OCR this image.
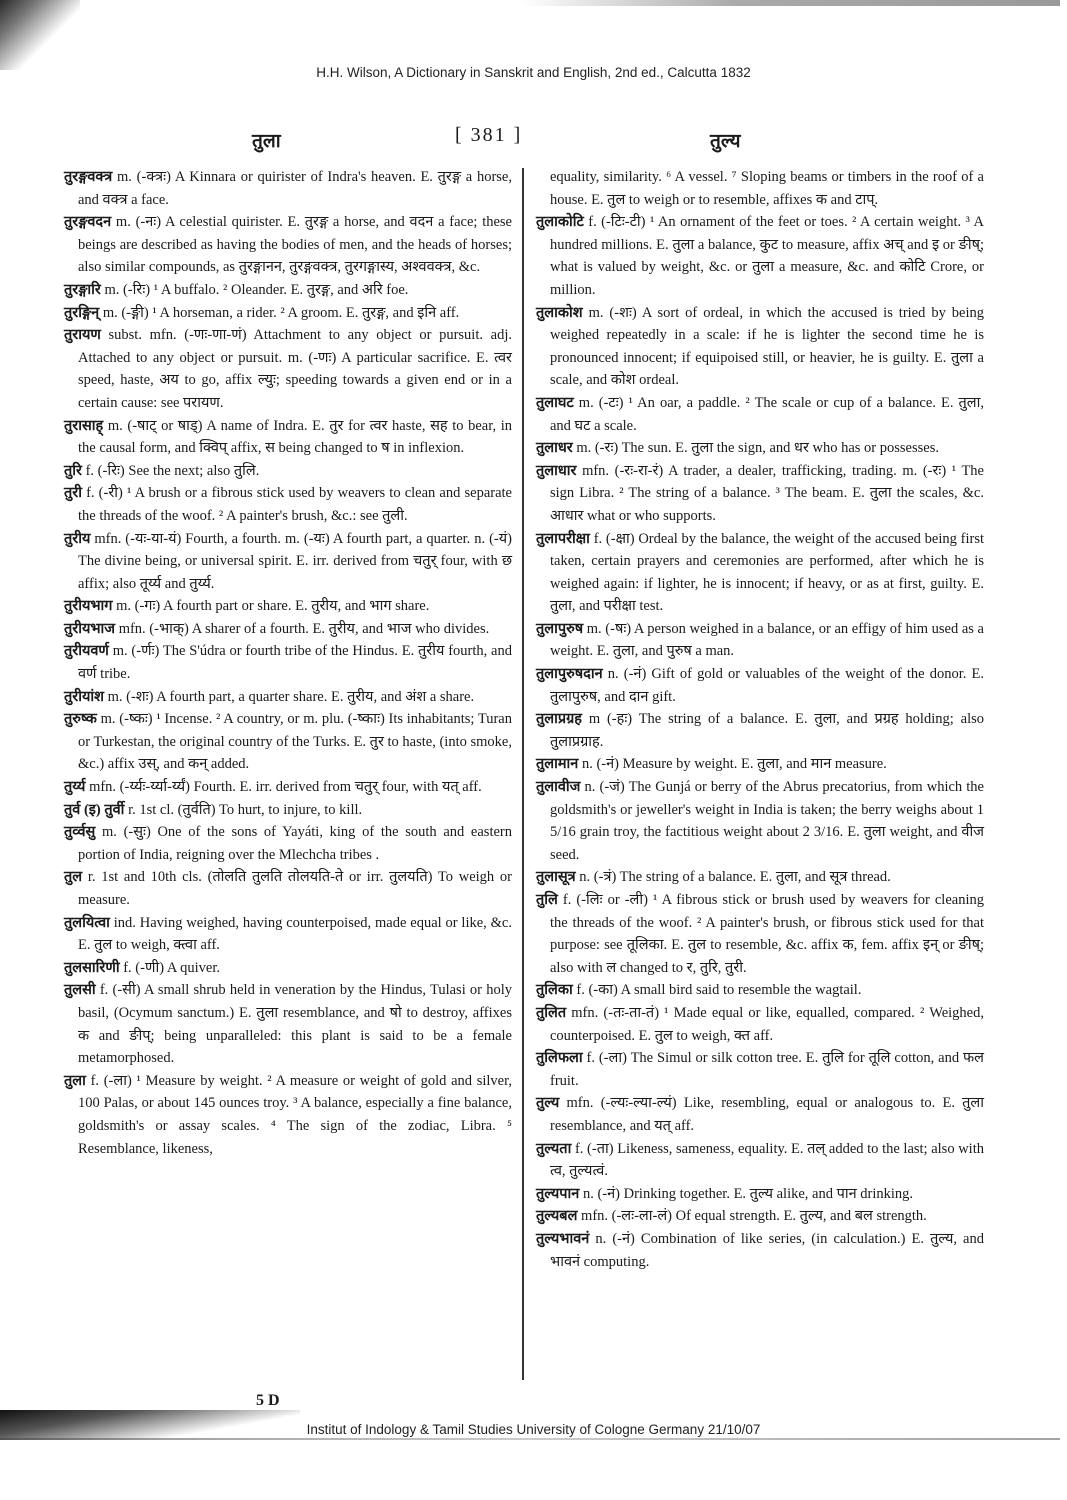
H.H. Wilson, A Dictionary in Sanskrit and English, 2nd ed., Calcutta 1832
तुला	[ 381 ]	तुल्य

तुरङ्गवक्त्र m. (-क्त्रः) A Kinnara or quirister of Indra's heaven. E. तुरङ्ग a horse, and वक्त्र a face.

तुरङ्गवदन m. (-नः) A celestial quirister. E. तुरङ्ग a horse, and वदन a face; these beings are described as having the bodies of men, and the heads of horses; also similar compounds, as तुरङ्गानन, तुरङ्गवक्त्र, तुरगङ्गास्य, अश्ववक्त्र, &c.

तुरङ्गारि m. (-रिः) ¹ A buffalo. ² Oleander. E. तुरङ्ग, and अरि foe.

तुरङ्गिन् m. (-ङ्गी) ¹ A horseman, a rider. ² A groom. E. तुरङ्ग, and इनि aff.

तुरायण subst. mfn. (-णः-णा-णं) Attachment to any object or pursuit. adj. Attached to any object or pursuit. m. (-णः) A particular sacrifice. E. त्वर speed, haste, अय to go, affix ल्युः; speeding towards a given end or in a certain cause: see परायण.

तुरासाह् m. (-षाट् or षाड्) A name of Indra. E. तुर for त्वर haste, सह to bear, in the causal form, and क्विप् affix, स being changed to ष in inflexion.

तुरि f. (-रिः) See the next; also तुलि.

तुरी f. (-री) ¹ A brush or a fibrous stick used by weavers to clean and separate the threads of the woof. ² A painter's brush, &c.: see तुली.

तुरीय mfn. (-यः-या-यं) Fourth, a fourth. m. (-यः) A fourth part, a quarter. n. (-यं) The divine being, or universal spirit. E. irr. derived from चतुर् four, with छ affix; also तूर्य्य and तुर्य्य.

तुरीयभाग m. (-गः) A fourth part or share. E. तुरीय, and भाग share.

तुरीयभाज mfn. (-भाक्) A sharer of a fourth. E. तुरीय, and भाज who divides.

तुरीयवर्ण m. (-र्णः) The S'údra or fourth tribe of the Hindus. E. तुरीय fourth, and वर्ण tribe.

तुरीयांश m. (-शः) A fourth part, a quarter share. E. तुरीय, and अंश a share.

तुरुष्क m. (-ष्कः) ¹ Incense. ² A country, or m. plu. (-ष्काः) Its inhabitants; Turan or Turkestan, the original country of the Turks. E. तुर to haste, (into smoke, &c.) affix उस्, and कन् added.

तुर्य्य mfn. (-र्य्यः-र्य्या-र्य्यं) Fourth. E. irr. derived from चतुर् four, with यत् aff.

तुर्व (इ) तुर्वी r. 1st cl. (तुर्वति) To hurt, to injure, to kill.

तुर्व्वसु m. (-सुः) One of the sons of Yayáti, king of the south and eastern portion of India, reigning over the Mlechcha tribes .

तुल r. 1st and 10th cls. (तोलति तुलति तोलयति-ते or irr. तुलयति) To weigh or measure.

तुलयित्वा ind. Having weighed, having counterpoised, made equal or like, &c. E. तुल to weigh, क्त्वा aff.

तुलसारिणी f. (-णी) A quiver.

तुलसी f. (-सी) A small shrub held in veneration by the Hindus, Tulasi or holy basil, (Ocymum sanctum.) E. तुला resemblance, and षो to destroy, affixes क and ङीप्; being unparalleled: this plant is said to be a female metamorphosed.

तुला f. (-ला) ¹ Measure by weight. ² A measure or weight of gold and silver, 100 Palas, or about 145 ounces troy. ³ A balance, especially a fine balance, goldsmith's or assay scales. ⁴ The sign of the zodiac, Libra. ⁵ Resemblance, likeness,

equality, similarity. ⁶ A vessel. ⁷ Sloping beams or timbers in the roof of a house. E. तुल to weigh or to resemble, affixes क and टाप्.

तुलाकोटि f. (-टिः-टी) ¹ An ornament of the feet or toes. ² A certain weight. ³ A hundred millions. E. तुला a balance, कुट to measure, affix अच् and इ or ङीष्; what is valued by weight, &c. or तुला a measure, &c. and कोटि Crore, or million.

तुलाकोश m. (-शः) A sort of ordeal, in which the accused is tried by being weighed repeatedly in a scale: if he is lighter the second time he is pronounced innocent; if equipoised still, or heavier, he is guilty. E. तुला a scale, and कोश ordeal.

तुलाघट m. (-टः) ¹ An oar, a paddle. ² The scale or cup of a balance. E. तुला, and घट a scale.

तुलाधर m. (-रः) The sun. E. तुला the sign, and धर who has or possesses.

तुलाधार mfn. (-रः-रा-रं) A trader, a dealer, trafficking, trading. m. (-रः) ¹ The sign Libra. ² The string of a balance. ³ The beam. E. तुला the scales, &c. आधार what or who supports.

तुलापरीक्षा f. (-क्षा) Ordeal by the balance, the weight of the accused being first taken, certain prayers and ceremonies are performed, after which he is weighed again: if lighter, he is innocent; if heavy, or as at first, guilty. E. तुला, and परीक्षा test.

तुलापुरुष m. (-षः) A person weighed in a balance, or an effigy of him used as a weight. E. तुला, and पुरुष a man.

तुलापुरुषदान n. (-नं) Gift of gold or valuables of the weight of the donor. E. तुलापुरुष, and दान gift.

तुलाप्रग्रह m (-हः) The string of a balance. E. तुला, and प्रग्रह holding; also तुलाप्रग्राह.

तुलामान n. (-नं) Measure by weight. E. तुला, and मान measure.

तुलावीज n. (-जं) The Gunjá or berry of the Abrus precatorius, from which the goldsmith's or jeweller's weight in India is taken; the berry weighs about 1 5/16 grain troy, the factitious weight about 2 3/16. E. तुला weight, and वीज seed.

तुलासूत्र n. (-त्रं) The string of a balance. E. तुला, and सूत्र thread.

तुलि f. (-लिः or -ली) ¹ A fibrous stick or brush used by weavers for cleaning the threads of the woof. ² A painter's brush, or fibrous stick used for that purpose: see तूलिका. E. तुल to resemble, &c. affix क, fem. affix इन् or ङीष्; also with ल changed to र, तुरि, तुरी.

तुलिका f. (-का) A small bird said to resemble the wagtail.

तुलित mfn. (-तः-ता-तं) ¹ Made equal or like, equalled, compared. ² Weighed, counterpoised. E. तुल to weigh, क्त aff.

तुलिफला f. (-ला) The Simul or silk cotton tree. E. तुलि for तूलि cotton, and फल fruit.

तुल्य mfn. (-ल्यः-ल्या-ल्यं) Like, resembling, equal or analogous to. E. तुला resemblance, and यत् aff.

तुल्यता f. (-ता) Likeness, sameness, equality. E. तल् added to the last; also with त्व, तुल्यत्वं.

तुल्यपान n. (-नं) Drinking together. E. तुल्य alike, and पान drinking.

तुल्यबल mfn. (-लः-ला-लं) Of equal strength. E. तुल्य, and बल strength.

तुल्यभावनं n. (-नं) Combination of like series, (in calculation.) E. तुल्य, and भावनं computing.

5 D
Institut of Indology & Tamil Studies University of Cologne Germany 21/10/07
